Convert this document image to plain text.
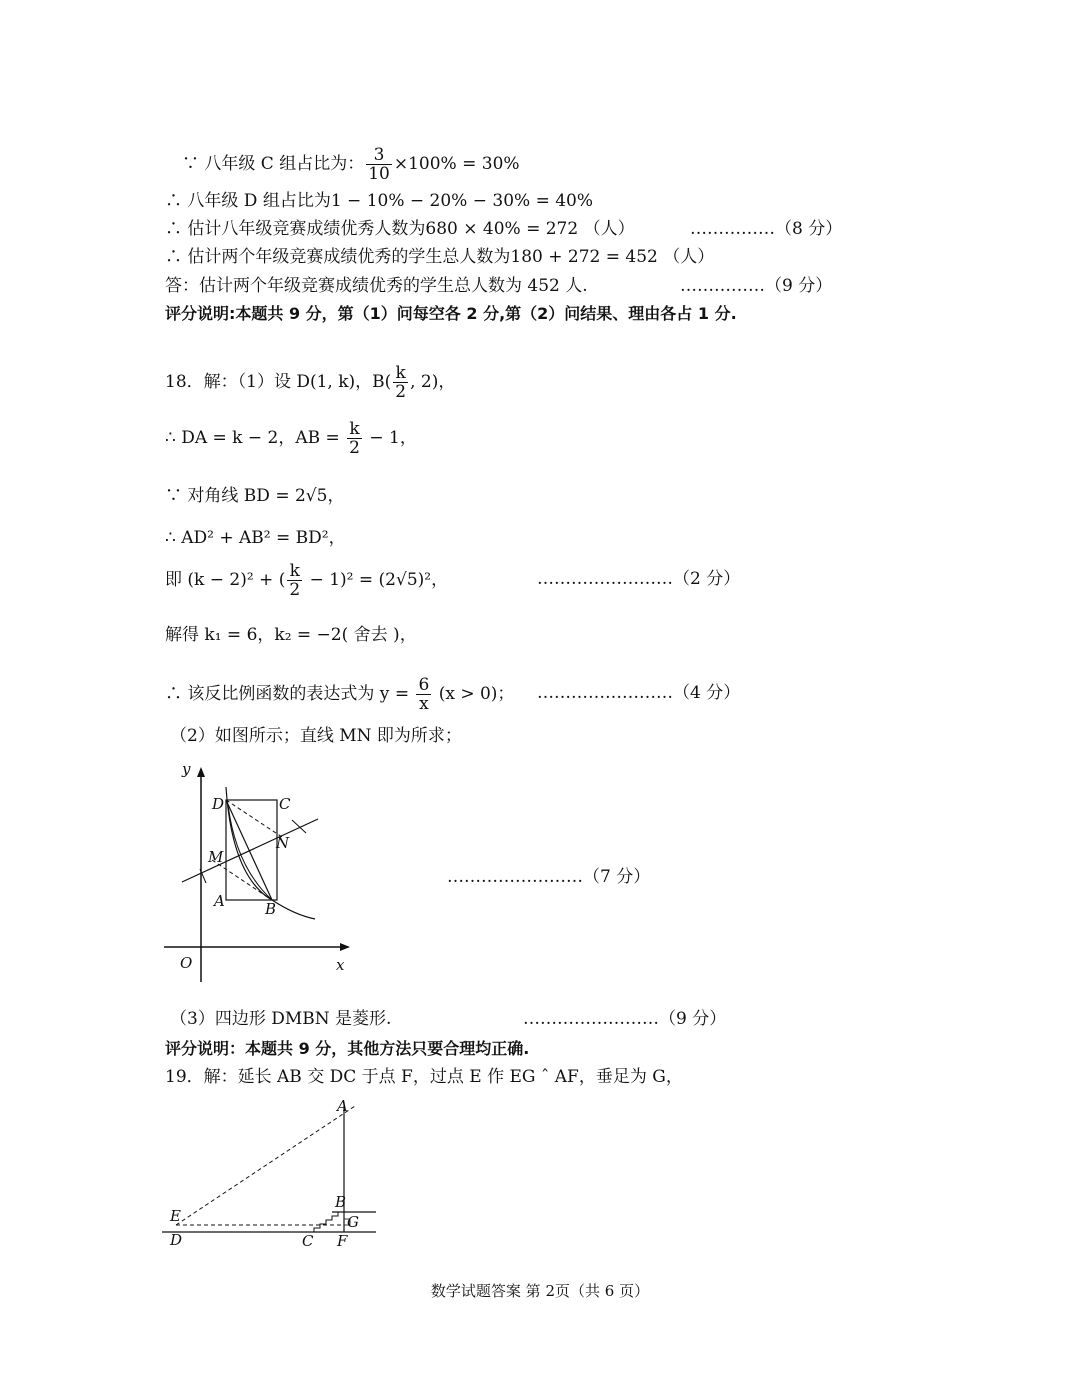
∵ 八年级 C 组占比为： $\frac{3}{10} \times 100\% = 30\%$
∴ 八年级 D 组占比为1 − 10% − 20% − 30% = 40%
∴ 估计八年级竞赛成绩优秀人数为680 × 40% = 272 （人）	……………（8 分）
∴ 估计两个年级竞赛成绩优秀的学生总人数为180 + 272 = 452 （人）
答：估计两个年级竞赛成绩优秀的学生总人数为 452 人.	……………（9 分）
评分说明:本题共 9 分，第（1）问每空各 2 分,第（2）问结果、理由各占 1 分.
18．解：（1）设 D(1, k)，$B( \frac{k}{2}$ , 2)，
∴ DA = k − 2，AB = $\frac{k}{2} - 1$，
∵ 对角线 BD = 2√5，
∴ AD² + AB² = BD²，
即 (k − 2)² + ( $\frac{k}{2} - 1)^2 = (2√5)^2$，	……………………（2 分）
解得 k₁ = 6，k₂ = −2( 舍去 )，
∴ 该反比例函数的表达式为 $y = \frac{6}{x} (x > 0)$； ……………………（4 分）
（2）如图所示；直线 MN 即为所求；
y
x
O
D	C
M
N
A	B
……………………（7 分）
（3）四边形 DMBN 是菱形.	……………………（9 分）
评分说明：本题共 9 分，其他方法只要合理均正确.
19．解：延长 AB 交 DC 于点 F，过点 E 作 EG ˆ AF，垂足为 G，
A
B
E
D	C F
G
数学试题答案 第 2页（共 6 页）
